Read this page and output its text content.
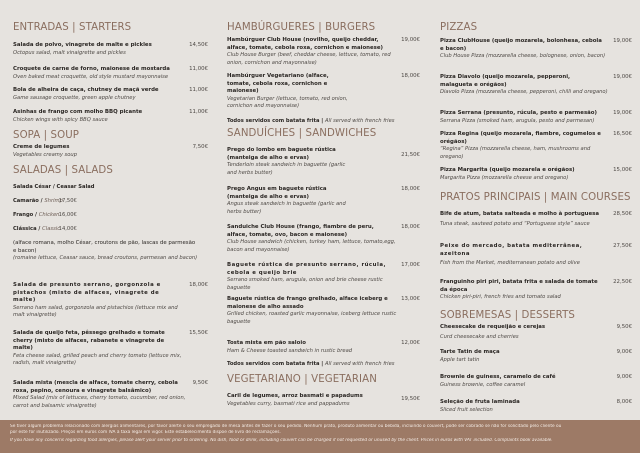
ENTRADAS | STARTERS
Salada de polvo, vinagrete de malte e pickles
Octopus salad, malt vinaigrette and pickles
14,50€
Croquete de carne de forno, maionese de mostarda
Oven baked meat croquette, old style mustard mayonnaise
11,00€
Bola de alheira de caça, chutney de maçã verde
Game sausage croquette, green apple chutney
11,00€
Asinhas de frango com molho BBQ picante
Chicken wings with spicy BBQ sauce
11,00€
SOPA | SOUP
Creme de legumes
Vegetables creamy soup
7,50€
SALADAS | SALADS
Salada César / Ceasar Salad
Camarão / Shrimp 17,50€
Frango / Chicken 16,00€
Clássica / Classic 14,00€
(alface romana, molho César, croutons de pão, lascas de parmesão e bacon)
(romaine lettuce, Ceasar sauce, bread croutons, parmesan and bacon)
Salada de presunto serrano, gorgonzola e pistachos (misto de alfaces, vinagrete de malte)
Serrano ham salad, gorgonzola and pistachios (lettuce mix and malt vinaigrette)
18,00€
Salada de queijo feta, pêssego grelhado e tomate cherry (misto de alfaces, rabanete e vinagrete de malte)
Feta cheese salad, grilled peach and cherry tomato (lettuce mix, radish, malt vinaigrette)
15,50€
Salada mista (mescla de alface, tomate cherry, cebola roxa, pepino, cenoura e vinagrete balsâmico)
Mixed Salad (mix of lettuces, cherry tomato, cucumber, red onion, carrot and balsamic vinaigrette)
9,50€
HAMBÚRGUERES | BURGERS
Hambúrguer Club House (novilho, queijo cheddar, alface, tomate, cebola roxa, cornichon e maionese)
Club House Burger (beef, cheddar cheese, lettuce, tomato, red onion, cornichon and mayonnaise)
19,00€
Hambúrguer Vegetariano (alface, tomate, cebola roxa, cornichon e maionese)
Vegetarian Burger (lettuce, tomato, red onion, cornichon and mayonnaise)
18,00€
Todos servidos com batata frita | All served with french fries
SANDUÍCHES | SANDWICHES
Prego do lombo em baguete rústica (manteiga de alho e ervas)
Tenderloin steak sandwich in baguette (garlic and herbs butter)
21,50€
Prego Angus em baguete rústica (manteiga de alho e ervas)
Angus steak sandwich in baguette (garlic and herbs butter)
18,00€
Sanduiche Club House (frango, fiambre de peru, alface, tomate, ovo, bacon e maionese)
Club House sandwich (chicken, turkey ham, lettuce, tomato,egg, bacon and mayonnaise)
18,00€
Baguete rústica de presunto serrano, rúcula, cebola e queijo brie
Serrano smoked ham, arugula, onion and brie cheese rustic baguette
17,00€
Baguete rústica de frango grelhado, alface iceberg e maionese de alho assado
Grilled chicken, roasted garlic mayonnaise, iceberg lettuce rustic baguette
13,00€
Tosta mista em pão saloio
Ham & Cheese toasted sandwich in rustic bread
12,00€
Todos servidos com batata frita | All served with french fries
VEGETARIANO | VEGETARIAN
Caril de legumes, arroz basmati e papadums
Vegetables curry, basmati rice and pappadums
19,50€
PIZZAS
Pizza ClubHouse (queijo mozarela, bolonhesa, cebola e bacon)
Club House Pizza (mozzarella cheese, bolognese, onion, bacon)
19,00€
Pizza Diavolo (queijo mozarela, pepperoni, malagueta e orégãos)
Diavolo Pizza (mozzarella cheese, pepperoni, chilli and oregano)
19,00€
Pizza Serrana (presunto, rúcula, pesto e parmesão)
Serrana Pizza (smoked ham, arugula, pesto and parmesan)
19,00€
Pizza Regina (queijo mozarela, fiambre, cogumelos e orégãos)
“Regina” Pizza (mozzarella cheese, ham, mushrooms and oregano)
16,50€
Pizza Margarita (queijo mozarela e orégãos)
Margarita Pizza (mozzarella cheese and oregano)
15,00€
PRATOS PRINCIPAIS | MAIN COURSES
Bife de atum, batata salteada e molho à portuguesa
Tuna steak, sauteed potato and “Portuguese style” sauce
28,50€
Peixe do mercado, batata mediterrânea, azeitona
Fish from the Market, mediterranean potato and olive
27,50€
Franguinho piri piri, batata frita e salada de tomate da época
Chicken piri-piri, french fries and tomato salad
22,50€
SOBREMESAS | DESSERTS
Cheesecake de requeijão e cerejas
Curd cheesecake and cherries
9,50€
Tarte Tatin de maça
Apple tart tatin
9,00€
Brownie de guiness, caramelo de café
Guiness brownie, coffee caramel
9,00€
Seleção de fruta laminada
Sliced fruit selection
8,00€

Se tiver algum problema relacionado com alergias alimentares, por favor alerte o seu empregado de mesa antes de fazer o seu pedido. Nenhum prato, produto alimentar ou bebida, incluindo o couvert, pode ser cobrado se não for solicitado pelo cliente ou

por este for inutilizado. Preços em euros com IVA à taxa legal em vigor. Este estabelecimento dispõe de livro de reclamações.

If you have any concerns regarding food allergies, please alert your server prior to ordering. No dish, food or drink, including couvert can be charged if not requested or unused by the client. Prices in euros with VAT included. Complaints book available.
